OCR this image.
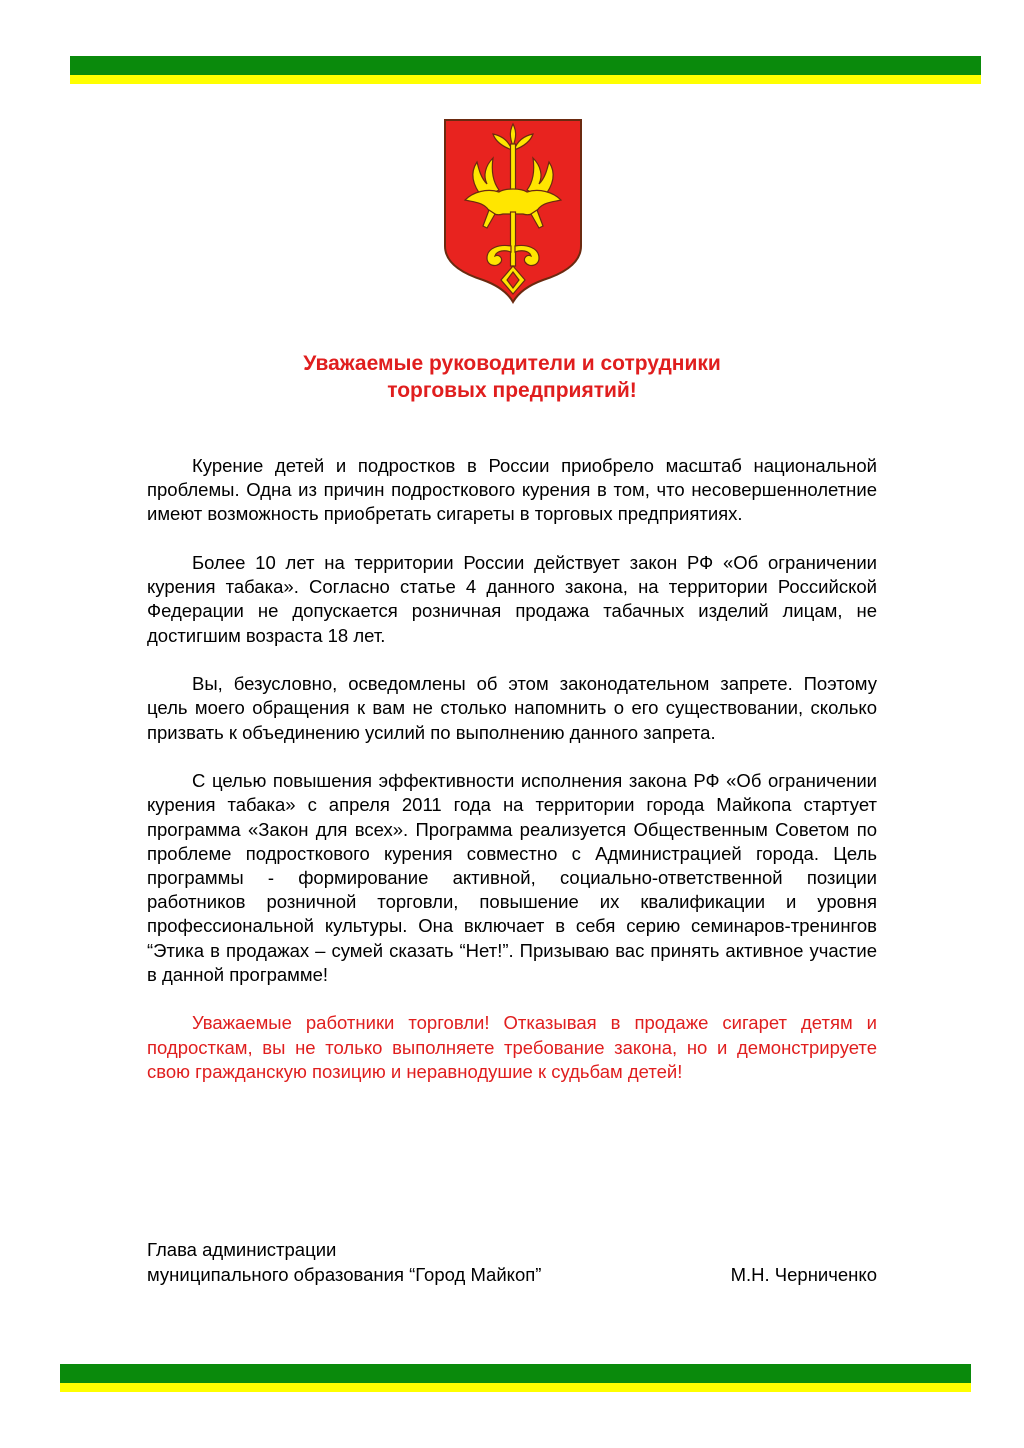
Уважаемые руководители и сотрудники
торговых предприятий!

Курение детей и подростков в России приобрело масштаб национальной проблемы. Одна из причин подросткового курения в том, что несовершеннолетние имеют возможность приобретать сигареты в торговых предприятиях.

Более 10 лет на территории России действует закон РФ «Об ограничении курения табака». Согласно статье 4 данного закона, на территории Российской Федерации не допускается розничная продажа табачных изделий лицам, не достигшим возраста 18 лет.

Вы, безусловно, осведомлены об этом законодательном запрете. Поэтому цель моего обращения к вам не столько напомнить о его существовании, сколько призвать к объединению усилий по выполнению данного запрета.

С целью повышения эффективности исполнения закона РФ «Об ограничении курения табака» с апреля 2011 года на территории города Майкопа стартует программа «Закон для всех». Программа реализуется Общественным Советом по проблеме подросткового курения совместно с Администрацией города. Цель программы - формирование активной, социально-ответственной позиции работников розничной торговли, повышение их квалификации и уровня профессиональной культуры. Она включает в себя серию семинаров-тренингов “Этика в продажах – сумей сказать “Нет!”. Призываю вас принять активное участие в данной программе!

Уважаемые работники торговли! Отказывая в продаже сигарет детям и подросткам, вы не только выполняете требование закона, но и демонстрируете свою гражданскую позицию и неравнодушие к судьбам детей!

Глава администрации
муниципального образования “Город Майкоп”	М.Н. Черниченко
